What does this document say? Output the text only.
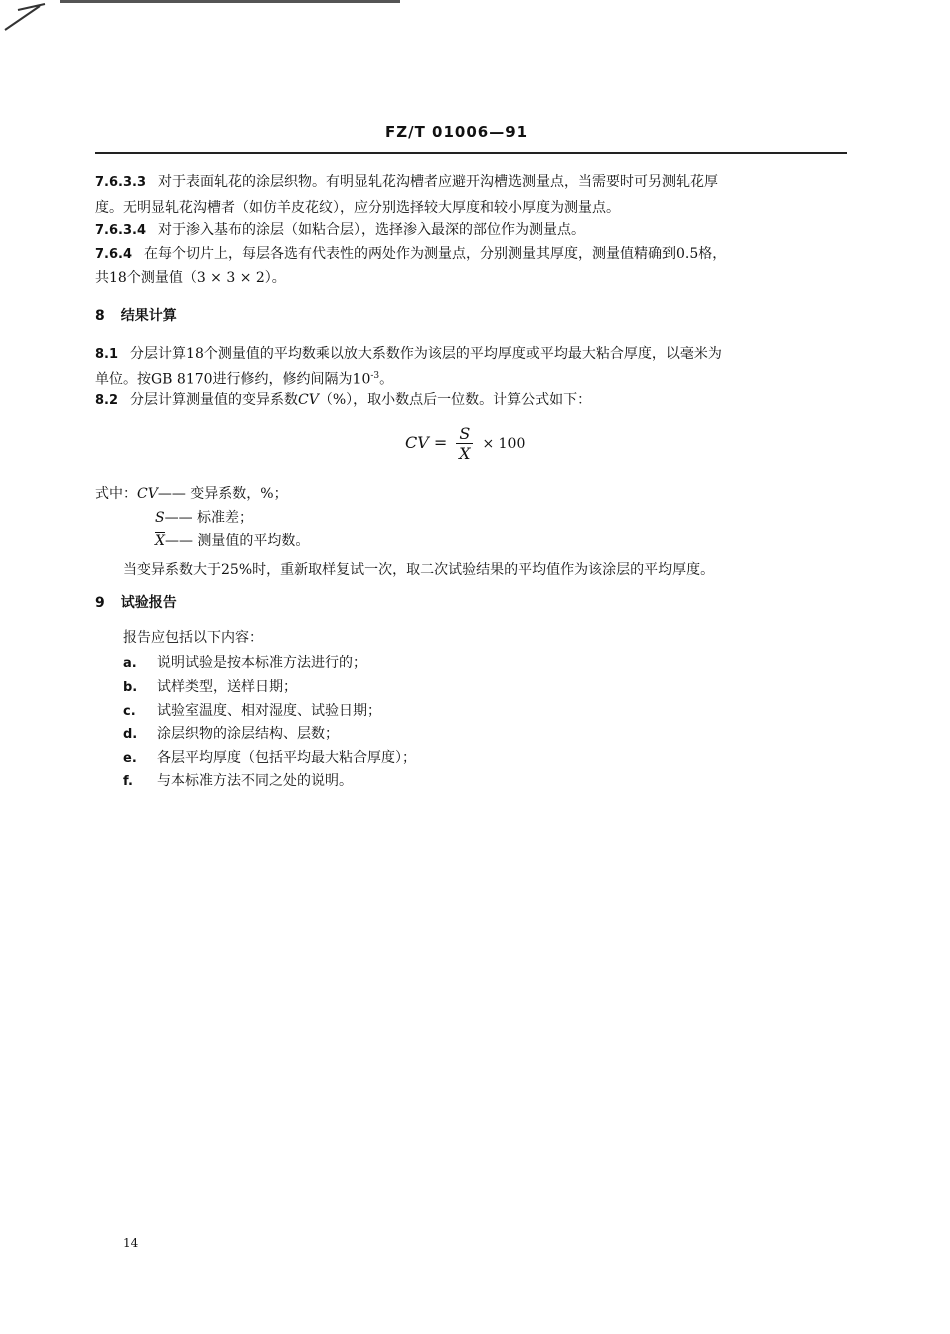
FZ/T 01006—91
7.6.3.3 对于表面轧花的涂层织物。有明显轧花沟槽者应避开沟槽选测量点，当需要时可另测轧花厚
度。无明显轧花沟槽者（如仿羊皮花纹），应分别选择较大厚度和较小厚度为测量点。
7.6.3.4 对于渗入基布的涂层（如粘合层），选择渗入最深的部位作为测量点。
7.6.4 在每个切片上，每层各选有代表性的两处作为测量点，分别测量其厚度，测量值精确到0.5格，
共18个测量值（3 × 3 × 2）。
8 结果计算
8.1 分层计算18个测量值的平均数乘以放大系数作为该层的平均厚度或平均最大粘合厚度，以毫米为
单位。按GB 8170进行修约，修约间隔为$10^{-3}$。
8.2 分层计算测量值的变异系数CV（%），取小数点后一位数。计算公式如下：
CV = $\frac{S}{X} \times 100$
式中：CV—— 变异系数，%；
S—— 标准差；
$\overline{X}——$ 测量值的平均数。
当变异系数大于25%时，重新取样复试一次，取二次试验结果的平均值作为该涂层的平均厚度。
9 试验报告
报告应包括以下内容：
a. 说明试验是按本标准方法进行的；
b. 试样类型，送样日期；
c. 试验室温度、相对湿度、试验日期；
d. 涂层织物的涂层结构、层数；
e. 各层平均厚度（包括平均最大粘合厚度）；
f. 与本标准方法不同之处的说明。
14
